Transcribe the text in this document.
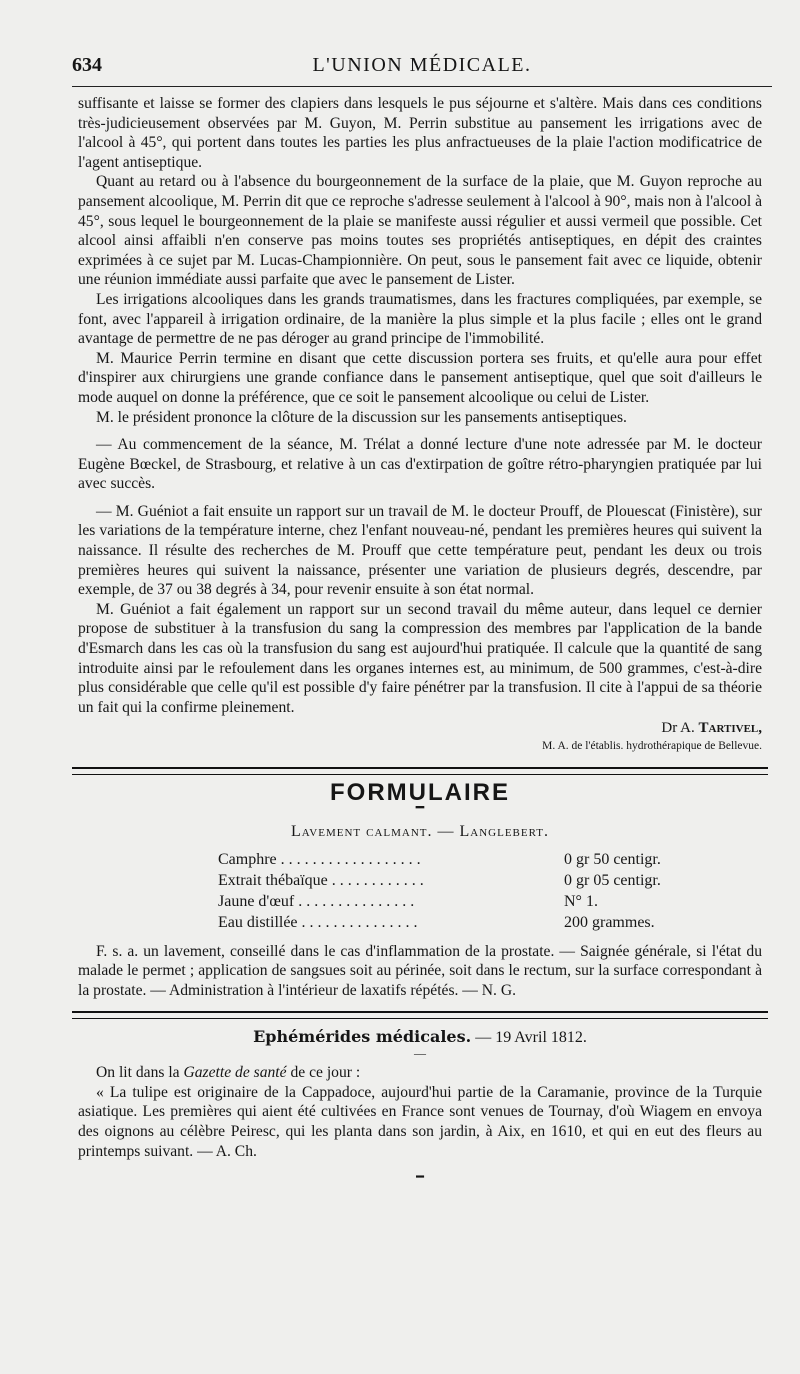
634	L'UNION MÉDICALE.

suffisante et laisse se former des clapiers dans lesquels le pus séjourne et s'altère. Mais dans ces conditions très-judicieusement observées par M. Guyon, M. Perrin substitue au pansement les irrigations avec de l'alcool à 45°, qui portent dans toutes les parties les plus anfractueuses de la plaie l'action modificatrice de l'agent antiseptique.

Quant au retard ou à l'absence du bourgeonnement de la surface de la plaie, que M. Guyon reproche au pansement alcoolique, M. Perrin dit que ce reproche s'adresse seulement à l'alcool à 90°, mais non à l'alcool à 45°, sous lequel le bourgeonnement de la plaie se manifeste aussi régulier et aussi vermeil que possible. Cet alcool ainsi affaibli n'en conserve pas moins toutes ses propriétés antiseptiques, en dépit des craintes exprimées à ce sujet par M. Lucas-Championnière. On peut, sous le pansement fait avec ce liquide, obtenir une réunion immédiate aussi parfaite que avec le pansement de Lister.

Les irrigations alcooliques dans les grands traumatismes, dans les fractures compliquées, par exemple, se font, avec l'appareil à irrigation ordinaire, de la manière la plus simple et la plus facile ; elles ont le grand avantage de permettre de ne pas déroger au grand principe de l'immobilité.

M. Maurice Perrin termine en disant que cette discussion portera ses fruits, et qu'elle aura pour effet d'inspirer aux chirurgiens une grande confiance dans le pansement antiseptique, quel que soit d'ailleurs le mode auquel on donne la préférence, que ce soit le pansement alcoolique ou celui de Lister.

M. le président prononce la clôture de la discussion sur les pansements antiseptiques.

— Au commencement de la séance, M. Trélat a donné lecture d'une note adressée par M. le docteur Eugène Bœckel, de Strasbourg, et relative à un cas d'extirpation de goître rétro-pharyngien pratiquée par lui avec succès.

— M. Guéniot a fait ensuite un rapport sur un travail de M. le docteur Prouff, de Plouescat (Finistère), sur les variations de la température interne, chez l'enfant nouveau-né, pendant les premières heures qui suivent la naissance. Il résulte des recherches de M. Prouff que cette température peut, pendant les deux ou trois premières heures qui suivent la naissance, présenter une variation de plusieurs degrés, descendre, par exemple, de 37 ou 38 degrés à 34, pour revenir ensuite à son état normal.

M. Guéniot a fait également un rapport sur un second travail du même auteur, dans lequel ce dernier propose de substituer à la transfusion du sang la compression des membres par l'application de la bande d'Esmarch dans les cas où la transfusion du sang est aujourd'hui pratiquée. Il calcule que la quantité de sang introduite ainsi par le refoulement dans les organes internes est, au minimum, de 500 grammes, c'est-à-dire plus considérable que celle qu'il est possible d'y faire pénétrer par la transfusion. Il cite à l'appui de sa théorie un fait qui la confirme pleinement.

Dr A. Tartivel,
M. A. de l'établis. hydrothérapique de Bellevue.
FORMULAIRE
━
Lavement calmant. — Langlebert.
Camphre . . . . . . . . . . . . . . . . . .	0 gr 50 centigr.
Extrait thébaïque . . . . . . . . . . . .	0 gr 05 centigr.
Jaune d'œuf . . . . . . . . . . . . . . .	N° 1.
Eau distillée . . . . . . . . . . . . . . .	200 grammes.

F. s. a. un lavement, conseillé dans le cas d'inflammation de la prostate. — Saignée générale, si l'état du malade le permet ; application de sangsues soit au périnée, soit dans le rectum, sur la surface correspondant à la prostate. — Administration à l'intérieur de laxatifs répétés. — N. G.

Ephémérides médicales. — 19 Avril 1812.
—

On lit dans la Gazette de santé de ce jour :

« La tulipe est originaire de la Cappadoce, aujourd'hui partie de la Caramanie, province de la Turquie asiatique. Les premières qui aient été cultivées en France sont venues de Tournay, d'où Wiagem en envoya des oignons au célèbre Peiresc, qui les planta dans son jardin, à Aix, en 1610, et qui en eut des fleurs au printemps suivant. — A. Ch.

━
